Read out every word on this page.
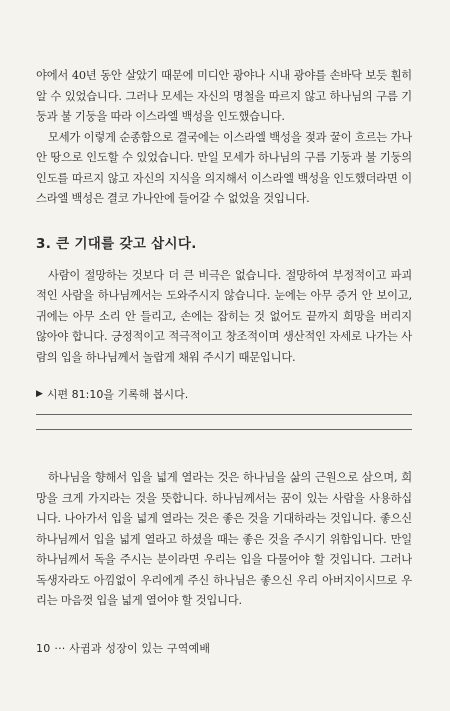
야에서 40년 동안 살았기 때문에 미디안 광야나 시내 광야를 손바닥 보듯 훤히 알 수 있었습니다. 그러나 모세는 자신의 명철을 따르지 않고 하나님의 구름 기둥과 불 기둥을 따라 이스라엘 백성을 인도했습니다.

모세가 이렇게 순종함으로 결국에는 이스라엘 백성을 젖과 꿀이 흐르는 가나안 땅으로 인도할 수 있었습니다. 만일 모세가 하나님의 구름 기둥과 불 기둥의 인도를 따르지 않고 자신의 지식을 의지해서 이스라엘 백성을 인도했더라면 이스라엘 백성은 결코 가나안에 들어갈 수 없었을 것입니다.

3. 큰 기대를 갖고 삽시다.

사람이 절망하는 것보다 더 큰 비극은 없습니다. 절망하여 부정적이고 파괴적인 사람을 하나님께서는 도와주시지 않습니다. 눈에는 아무 증거 안 보이고, 귀에는 아무 소리 안 들리고, 손에는 잡히는 것 없어도 끝까지 희망을 버리지 않아야 합니다. 긍정적이고 적극적이고 창조적이며 생산적인 자세로 나가는 사람의 입을 하나님께서 놀랍게 채워 주시기 때문입니다.

▶ 시편 81:10을 기록해 봅시다.

하나님을 향해서 입을 넓게 열라는 것은 하나님을 삶의 근원으로 삼으며, 희망을 크게 가지라는 것을 뜻합니다. 하나님께서는 꿈이 있는 사람을 사용하십니다. 나아가서 입을 넓게 열라는 것은 좋은 것을 기대하라는 것입니다. 좋으신 하나님께서 입을 넓게 열라고 하셨을 때는 좋은 것을 주시기 위함입니다. 만일 하나님께서 독을 주시는 분이라면 우리는 입을 다물어야 할 것입니다. 그러나 독생자라도 아낌없이 우리에게 주신 하나님은 좋으신 우리 아버지이시므로 우리는 마음껏 입을 넓게 열어야 할 것입니다.

10 ··· 사귐과 성장이 있는 구역예배
